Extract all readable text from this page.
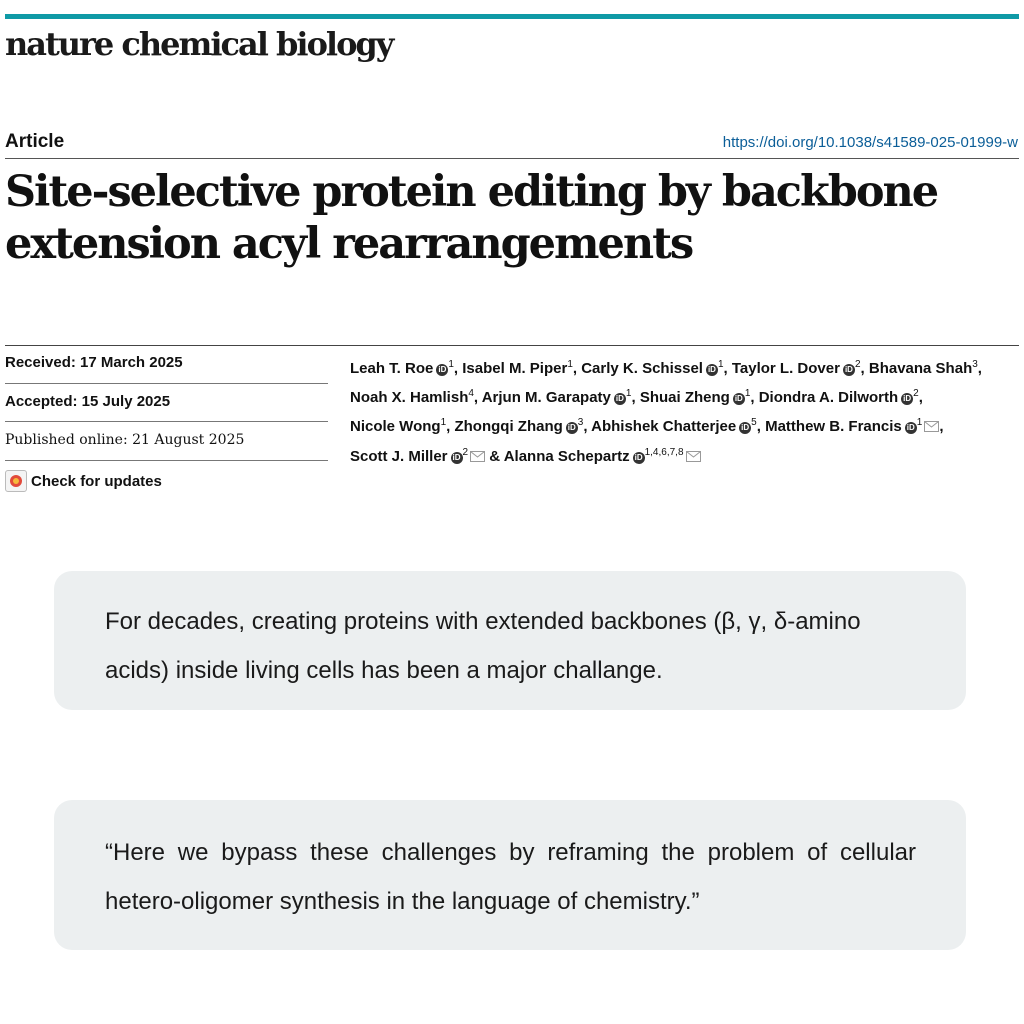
nature chemical biology
Article	https://doi.org/10.1038/s41589-025-01999-w
Site-selective protein editing by backbone extension acyl rearrangements
Received: 17 March 2025
Accepted: 15 July 2025
Published online: 21 August 2025
Check for updates
Leah T. Roe iD $^1$, Isabel M. Piper$^1$, Carly K. Schissel iD $^1$, Taylor L. Dover iD $^2$, Bhavana Shah$^3$, Noah X. Hamlish$^4$, Arjun M. Garapaty iD $^1$, Shuai Zheng iD $^1$, Diondra A. Dilworth iD $^2$, Nicole Wong$^1$, Zhongqi Zhang iD $^3$, Abhishek Chatterjee iD $^5$, Matthew B. Francis iD $^1$ , Scott J. Miller iD $^2$ & Alanna Schepartz iD $^{1,4,6,7,8}$

For decades, creating proteins with extended backbones (β, γ, δ-amino acids) inside living cells has been a major challange.

“Here we bypass these challenges by reframing the problem of cellular hetero-oligomer synthesis in the language of chemistry.”
